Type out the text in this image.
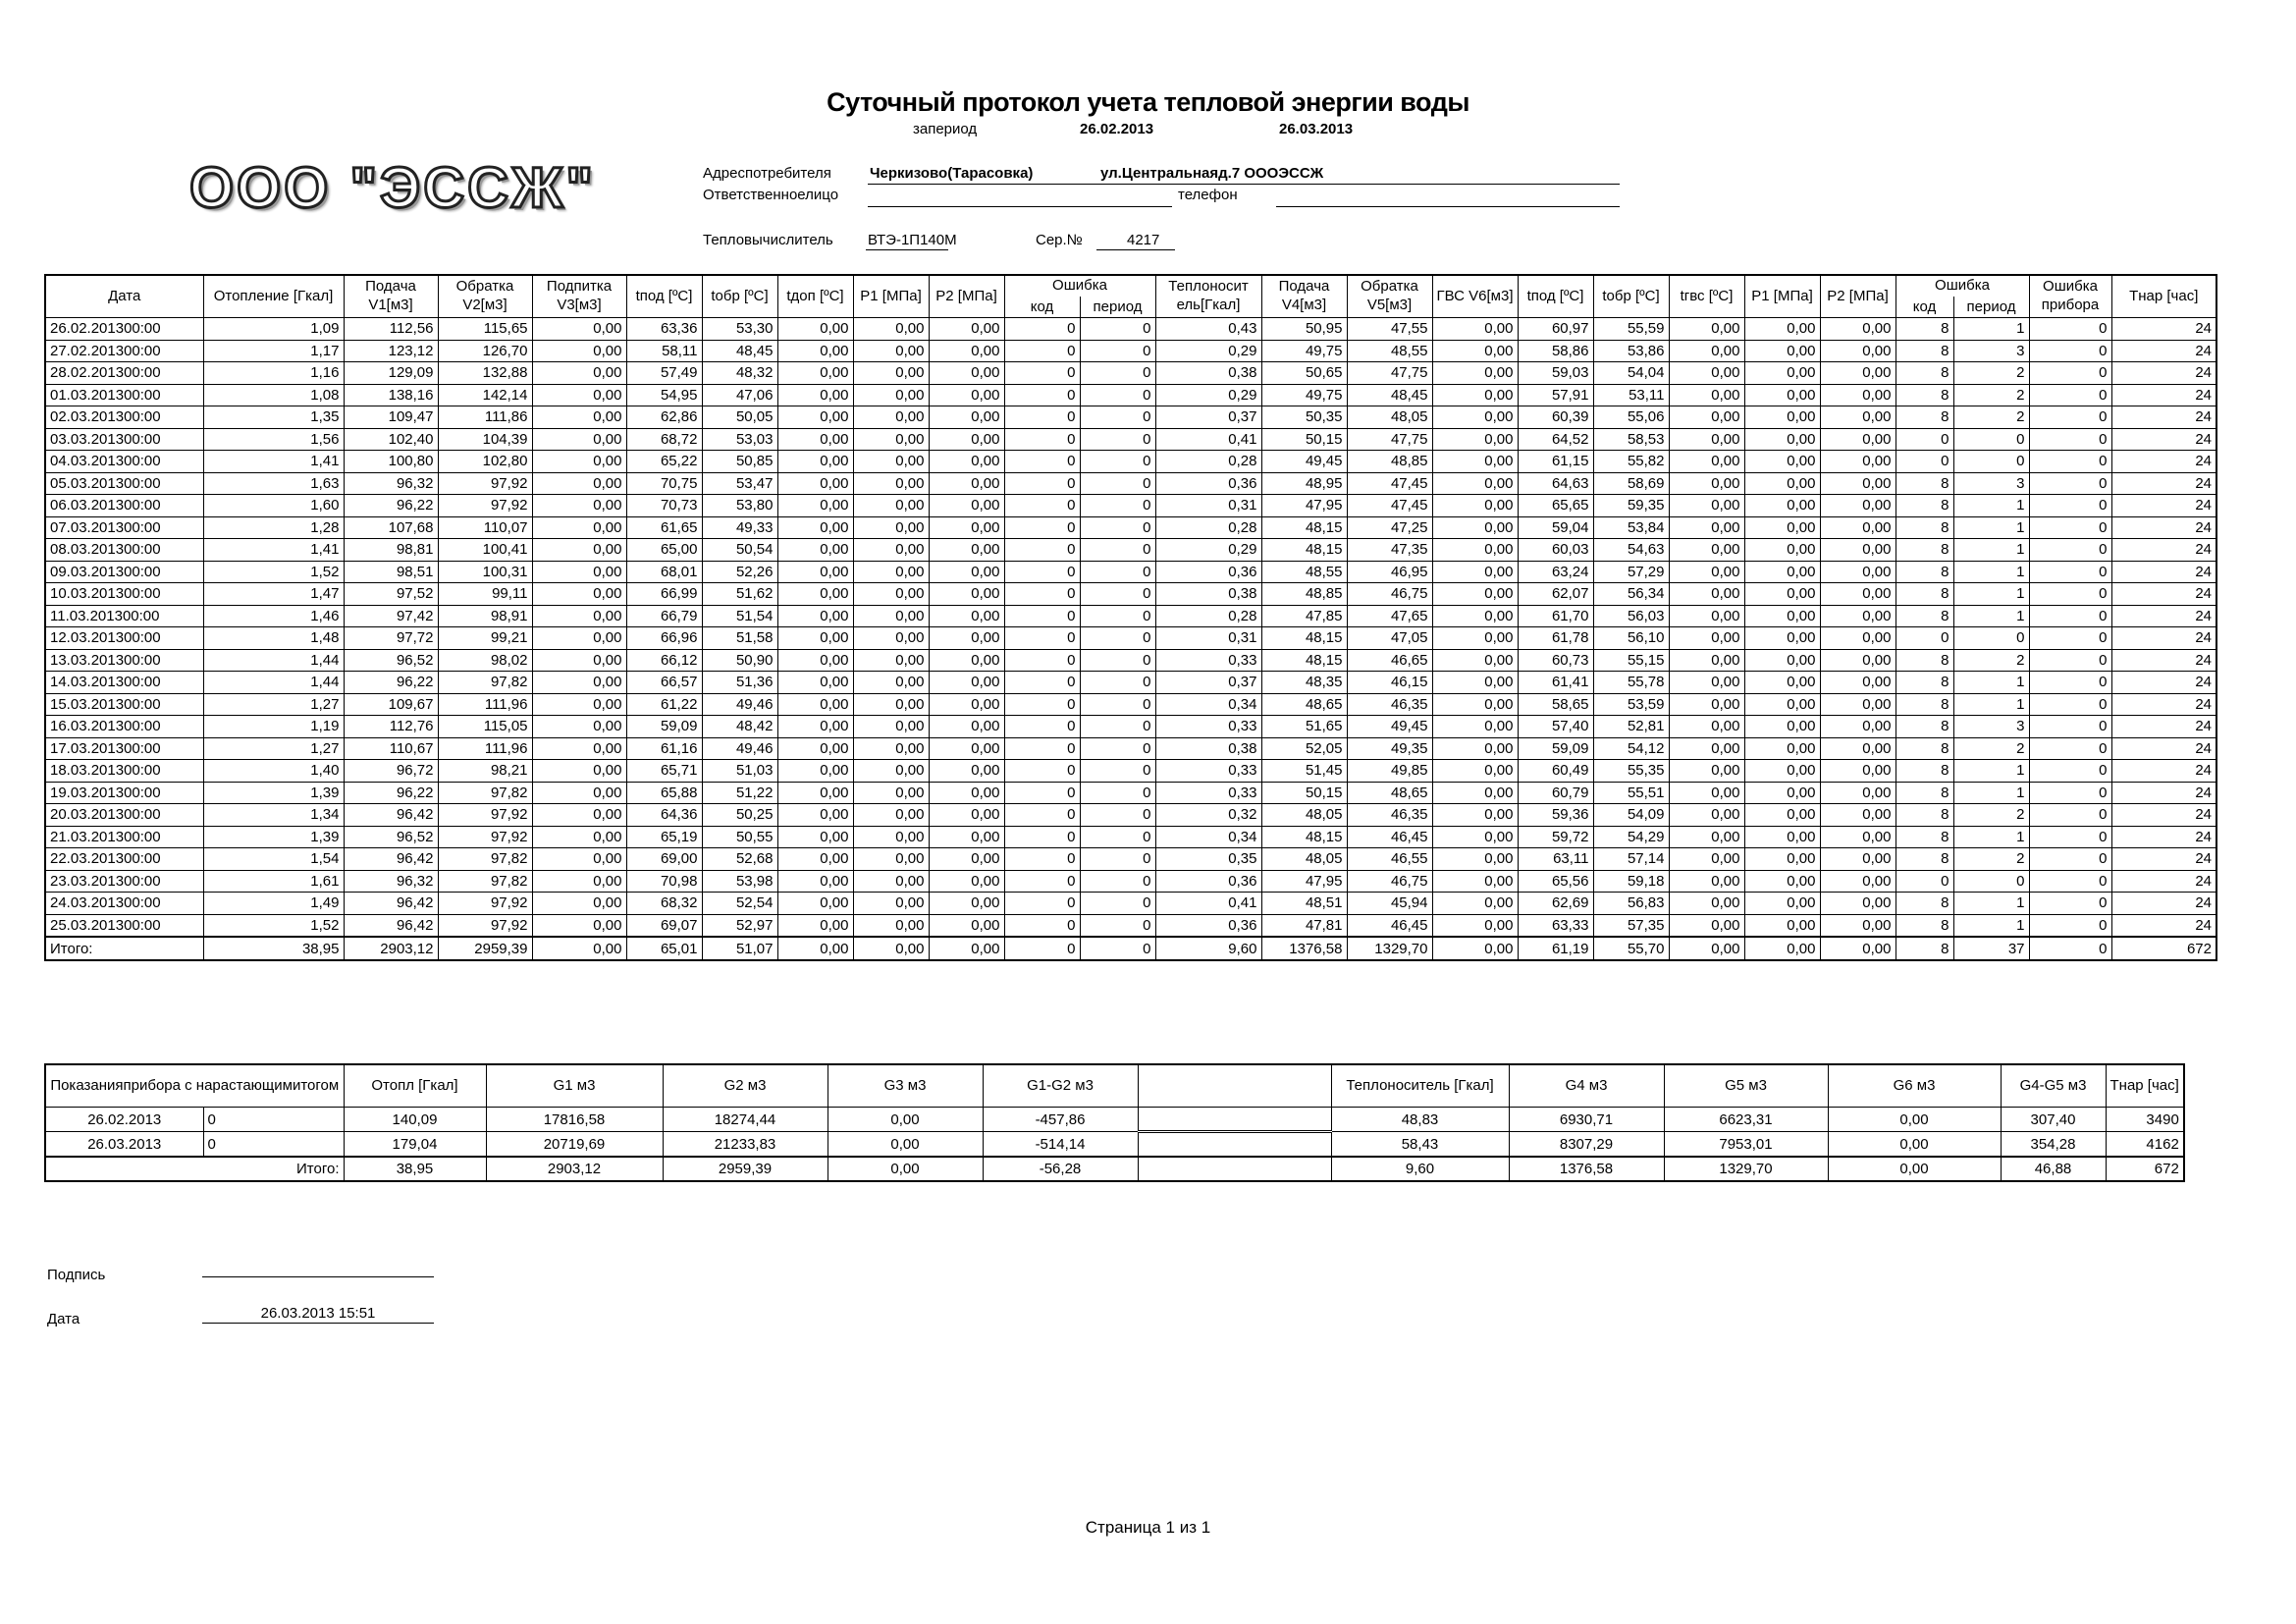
Суточный протокол учета тепловой энергии воды
запериод	26.02.2013	26.03.2013
ООО "ЭССЖ"	Адреспотребителя	Черкизово(Тарасовка)	ул.Центральнаяд.7 ОООЭССЖ
Ответственноелицо	телефон
Тепловычислитель ВТЭ-1П140М	Сер.№	4217
Дата	Отопление [Гкал]	Подача V1[м3]	Обратка V2[м3]	Подпитка V3[м3]	tпод [ºC]	tобр [ºC]	tдоп [ºC]	P1 [МПа]	P2 [МПа]	Ошибка		Теплоносит ель[Гкал]	Подача V4[м3]	Обратка V5[м3]	ГВС V6[м3]	tпод [ºC]	tобр [ºC]	tгвс [ºC]	P1 [МПа]	P2 [МПа]	Ошибка		Ошибка прибора	Тнар [час]
										код	период										код	период		
26.02.201300:00	1,09	112,56	115,65	0,00	63,36	53,30	0,00	0,00	0,00	0	0	0,43	50,95	47,55	0,00	60,97	55,59	0,00	0,00	0,00	8	1	0	24
27.02.201300:00	1,17	123,12	126,70	0,00	58,11	48,45	0,00	0,00	0,00	0	0	0,29	49,75	48,55	0,00	58,86	53,86	0,00	0,00	0,00	8	3	0	24
28.02.201300:00	1,16	129,09	132,88	0,00	57,49	48,32	0,00	0,00	0,00	0	0	0,38	50,65	47,75	0,00	59,03	54,04	0,00	0,00	0,00	8	2	0	24
01.03.201300:00	1,08	138,16	142,14	0,00	54,95	47,06	0,00	0,00	0,00	0	0	0,29	49,75	48,45	0,00	57,91	53,11	0,00	0,00	0,00	8	2	0	24
02.03.201300:00	1,35	109,47	111,86	0,00	62,86	50,05	0,00	0,00	0,00	0	0	0,37	50,35	48,05	0,00	60,39	55,06	0,00	0,00	0,00	8	2	0	24
03.03.201300:00	1,56	102,40	104,39	0,00	68,72	53,03	0,00	0,00	0,00	0	0	0,41	50,15	47,75	0,00	64,52	58,53	0,00	0,00	0,00	0	0	0	24
04.03.201300:00	1,41	100,80	102,80	0,00	65,22	50,85	0,00	0,00	0,00	0	0	0,28	49,45	48,85	0,00	61,15	55,82	0,00	0,00	0,00	0	0	0	24
05.03.201300:00	1,63	96,32	97,92	0,00	70,75	53,47	0,00	0,00	0,00	0	0	0,36	48,95	47,45	0,00	64,63	58,69	0,00	0,00	0,00	8	3	0	24
06.03.201300:00	1,60	96,22	97,92	0,00	70,73	53,80	0,00	0,00	0,00	0	0	0,31	47,95	47,45	0,00	65,65	59,35	0,00	0,00	0,00	8	1	0	24
07.03.201300:00	1,28	107,68	110,07	0,00	61,65	49,33	0,00	0,00	0,00	0	0	0,28	48,15	47,25	0,00	59,04	53,84	0,00	0,00	0,00	8	1	0	24
08.03.201300:00	1,41	98,81	100,41	0,00	65,00	50,54	0,00	0,00	0,00	0	0	0,29	48,15	47,35	0,00	60,03	54,63	0,00	0,00	0,00	8	1	0	24
09.03.201300:00	1,52	98,51	100,31	0,00	68,01	52,26	0,00	0,00	0,00	0	0	0,36	48,55	46,95	0,00	63,24	57,29	0,00	0,00	0,00	8	1	0	24
10.03.201300:00	1,47	97,52	99,11	0,00	66,99	51,62	0,00	0,00	0,00	0	0	0,38	48,85	46,75	0,00	62,07	56,34	0,00	0,00	0,00	8	1	0	24
11.03.201300:00	1,46	97,42	98,91	0,00	66,79	51,54	0,00	0,00	0,00	0	0	0,28	47,85	47,65	0,00	61,70	56,03	0,00	0,00	0,00	8	1	0	24
12.03.201300:00	1,48	97,72	99,21	0,00	66,96	51,58	0,00	0,00	0,00	0	0	0,31	48,15	47,05	0,00	61,78	56,10	0,00	0,00	0,00	0	0	0	24
13.03.201300:00	1,44	96,52	98,02	0,00	66,12	50,90	0,00	0,00	0,00	0	0	0,33	48,15	46,65	0,00	60,73	55,15	0,00	0,00	0,00	8	2	0	24
14.03.201300:00	1,44	96,22	97,82	0,00	66,57	51,36	0,00	0,00	0,00	0	0	0,37	48,35	46,15	0,00	61,41	55,78	0,00	0,00	0,00	8	1	0	24
15.03.201300:00	1,27	109,67	111,96	0,00	61,22	49,46	0,00	0,00	0,00	0	0	0,34	48,65	46,35	0,00	58,65	53,59	0,00	0,00	0,00	8	1	0	24
16.03.201300:00	1,19	112,76	115,05	0,00	59,09	48,42	0,00	0,00	0,00	0	0	0,33	51,65	49,45	0,00	57,40	52,81	0,00	0,00	0,00	8	3	0	24
17.03.201300:00	1,27	110,67	111,96	0,00	61,16	49,46	0,00	0,00	0,00	0	0	0,38	52,05	49,35	0,00	59,09	54,12	0,00	0,00	0,00	8	2	0	24
18.03.201300:00	1,40	96,72	98,21	0,00	65,71	51,03	0,00	0,00	0,00	0	0	0,33	51,45	49,85	0,00	60,49	55,35	0,00	0,00	0,00	8	1	0	24
19.03.201300:00	1,39	96,22	97,82	0,00	65,88	51,22	0,00	0,00	0,00	0	0	0,33	50,15	48,65	0,00	60,79	55,51	0,00	0,00	0,00	8	1	0	24
20.03.201300:00	1,34	96,42	97,92	0,00	64,36	50,25	0,00	0,00	0,00	0	0	0,32	48,05	46,35	0,00	59,36	54,09	0,00	0,00	0,00	8	2	0	24
21.03.201300:00	1,39	96,52	97,92	0,00	65,19	50,55	0,00	0,00	0,00	0	0	0,34	48,15	46,45	0,00	59,72	54,29	0,00	0,00	0,00	8	1	0	24
22.03.201300:00	1,54	96,42	97,82	0,00	69,00	52,68	0,00	0,00	0,00	0	0	0,35	48,05	46,55	0,00	63,11	57,14	0,00	0,00	0,00	8	2	0	24
23.03.201300:00	1,61	96,32	97,82	0,00	70,98	53,98	0,00	0,00	0,00	0	0	0,36	47,95	46,75	0,00	65,56	59,18	0,00	0,00	0,00	0	0	0	24
24.03.201300:00	1,49	96,42	97,92	0,00	68,32	52,54	0,00	0,00	0,00	0	0	0,41	48,51	45,94	0,00	62,69	56,83	0,00	0,00	0,00	8	1	0	24
25.03.201300:00	1,52	96,42	97,92	0,00	69,07	52,97	0,00	0,00	0,00	0	0	0,36	47,81	46,45	0,00	63,33	57,35	0,00	0,00	0,00	8	1	0	24
Итого:	38,95	2903,12	2959,39	0,00	65,01	51,07	0,00	0,00	0,00	0	0	9,60	1376,58	1329,70	0,00	61,19	55,70	0,00	0,00	0,00	8	37	0	672
Показанияприбора с нарастающимитогом		Отопл [Гкал]	G1 м3	G2 м3	G3 м3	G1-G2 м3		Теплоноситель [Гкал]	G4 м3	G5 м3	G6 м3	G4-G5 м3	Тнар [час]
26.02.2013	0	140,09	17816,58	18274,44	0,00	-457,86		48,83	6930,71	6623,31	0,00	307,40	3490
26.03.2013	0	179,04	20719,69	21233,83	0,00	-514,14		58,43	8307,29	7953,01	0,00	354,28	4162
Итого:		38,95	2903,12	2959,39	0,00	-56,28		9,60	1376,58	1329,70	0,00	46,88	672
Подпись
Дата	26.03.2013 15:51
Страница 1 из 1
